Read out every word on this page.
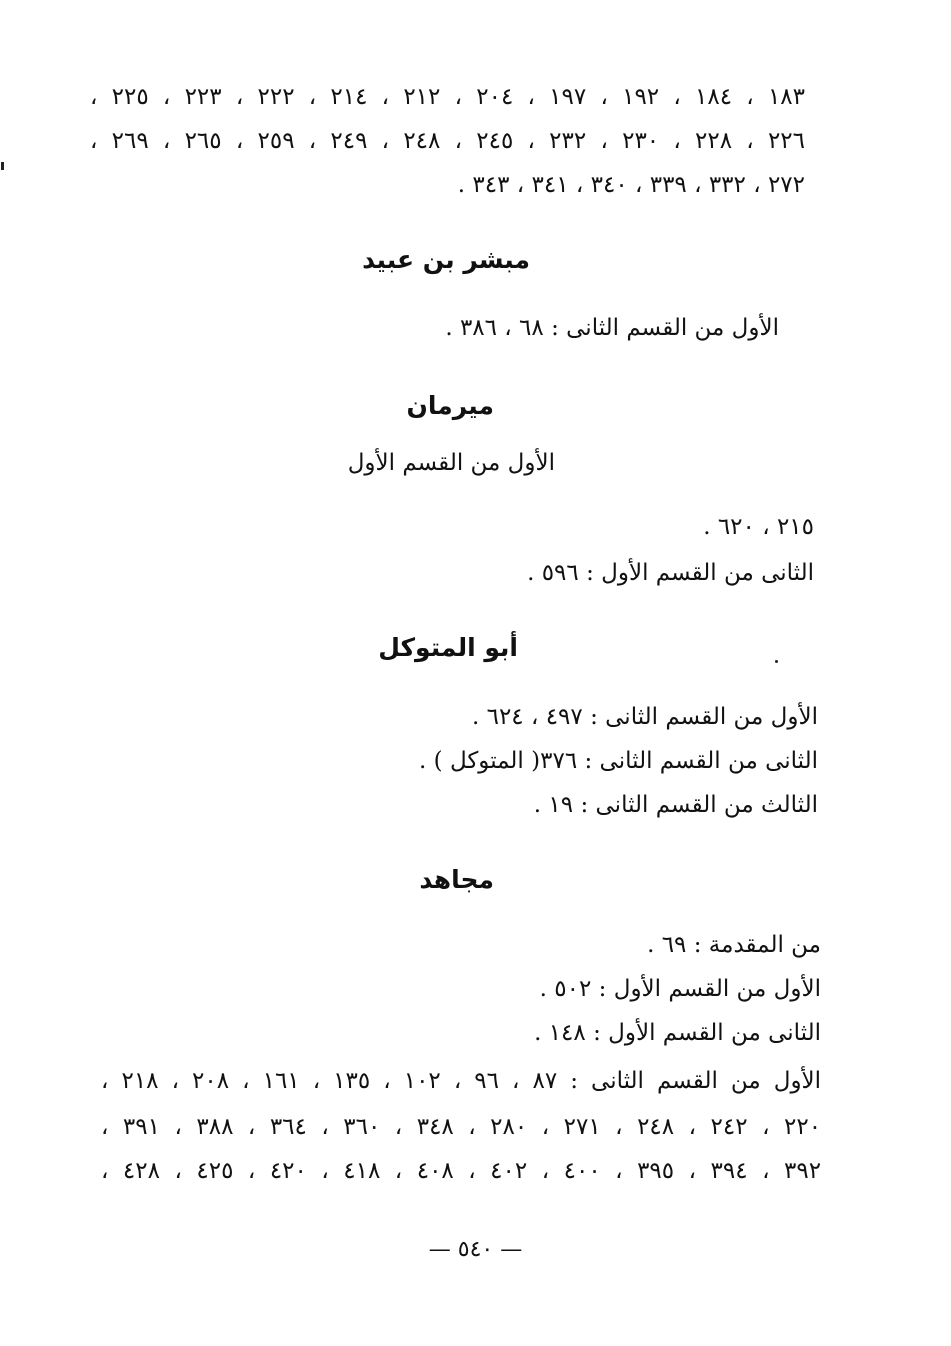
١٨٣ ، ١٨٤ ، ١٩٢ ، ١٩٧ ، ٢٠٤ ، ٢١٢ ، ٢١٤ ، ٢٢٢ ، ٢٢٣ ، ٢٢٥ ،
٢٢٦ ، ٢٢٨ ، ٢٣٠ ، ٢٣٢ ، ٢٤٥ ، ٢٤٨ ، ٢٤٩ ، ٢٥٩ ، ٢٦٥ ، ٢٦٩ ،
٢٧٢ ، ٣٣٢ ، ٣٣٩ ، ٣٤٠ ، ٣٤١ ، ٣٤٣ .
مبشر بن عبيد
الأول من القسم الثانى : ٦٨ ، ٣٨٦ .
ميرمان
الأول من القسم الأول
٢١٥ ، ٦٢٠ .
الثانى من القسم الأول : ٥٩٦ .
أبو المتوكل
الأول من القسم الثانى : ٤٩٧ ، ٦٢٤ .
الثانى من القسم الثانى : ٣٧٦( المتوكل ) .
الثالث من القسم الثانى : ١٩ .
مجاهد
من المقدمة : ٦٩ .
الأول من القسم الأول : ٥٠٢ .
الثانى من القسم الأول : ١٤٨ .
الأول من القسم الثانى : ٨٧ ، ٩٦ ، ١٠٢ ، ١٣٥ ، ١٦١ ، ٢٠٨ ، ٢١٨ ،
٢٢٠ ، ٢٤٢ ، ٢٤٨ ، ٢٧١ ، ٢٨٠ ، ٣٤٨ ، ٣٦٠ ، ٣٦٤ ، ٣٨٨ ، ٣٩١ ،
٣٩٢ ، ٣٩٤ ، ٣٩٥ ، ٤٠٠ ، ٤٠٢ ، ٤٠٨ ، ٤١٨ ، ٤٢٠ ، ٤٢٥ ، ٤٢٨ ،
— ٥٤٠ —
